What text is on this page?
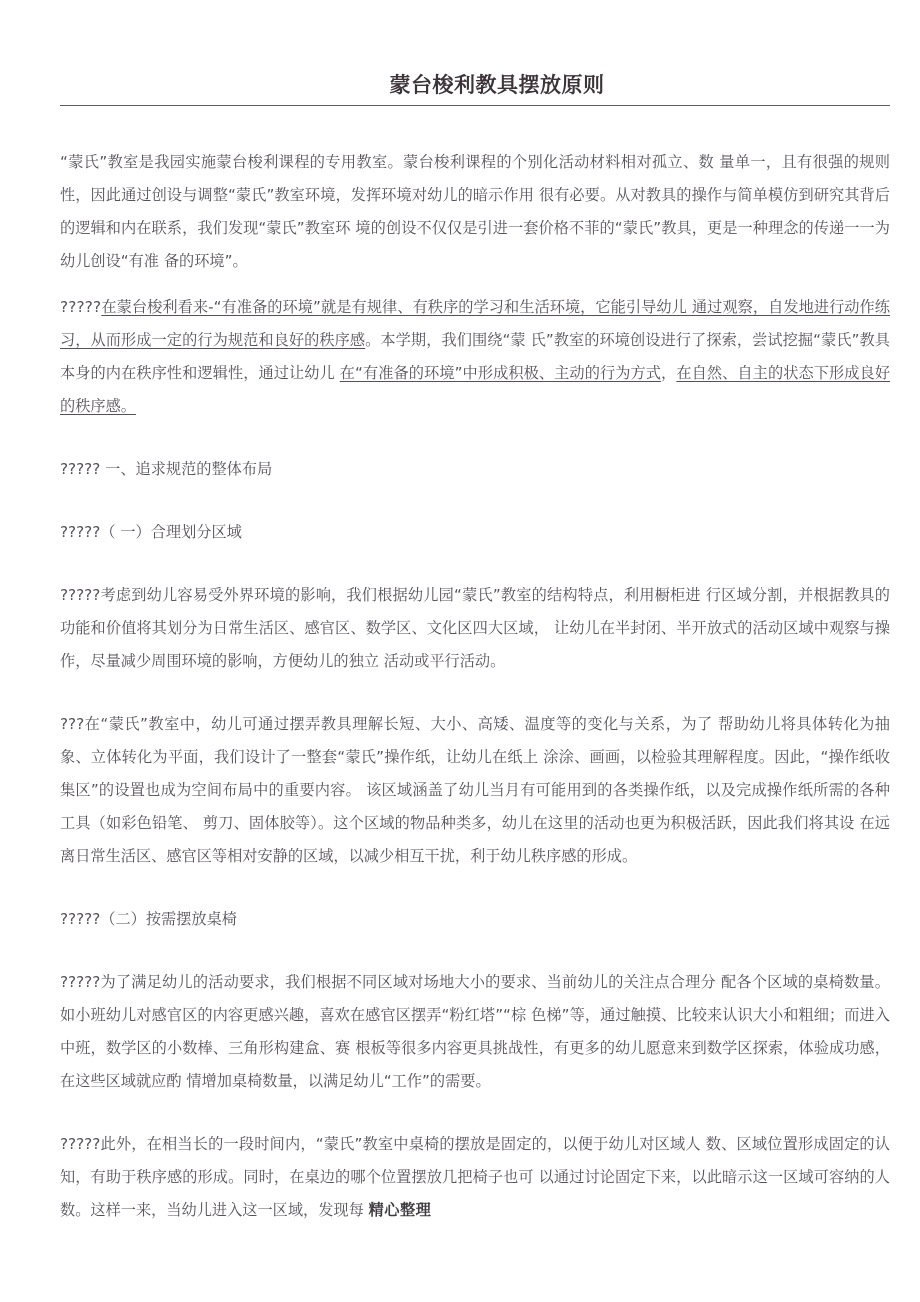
蒙台梭利教具摆放原则

“蒙氏”教室是我园实施蒙台梭利课程的专用教室。蒙台梭利课程的个别化活动材料相对孤立、数 量单一，且有很强的规则性，因此通过创设与调整“蒙氏”教室环境，发挥环境对幼儿的暗示作用 很有必要。从对教具的操作与简单模仿到研究其背后的逻辑和内在联系，我们发现“蒙氏”教室环 境的创设不仅仅是引进一套价格不菲的“蒙氏”教具，更是一种理念的传递一一为幼儿创设“有准 备的环境”。

?????在蒙台梭利看来-“有准备的环境”就是有规律、有秩序的学习和生活环境，它能引导幼儿 通过观察，自发地进行动作练习，从而形成一定的行为规范和良好的秩序感。本学期，我们围绕“蒙 氏”教室的环境创设进行了探索，尝试挖掘“蒙氏”教具本身的内在秩序性和逻辑性，通过让幼儿 在“有准备的环境”中形成积极、主动的行为方式，在自然、自主的状态下形成良好的秩序感。

????? 一、追求规范的整体布局

?????（ 一）合理划分区域

?????考虑到幼儿容易受外界环境的影响，我们根据幼儿园“蒙氏”教室的结构特点，利用橱柜进 行区域分割，并根据教具的功能和价值将其划分为日常生活区、感官区、数学区、文化区四大区域， 让幼儿在半封闭、半开放式的活动区域中观察与操作，尽量减少周围环境的影响，方便幼儿的独立 活动或平行活动。

???在“蒙氏”教室中，幼儿可通过摆弄教具理解长短、大小、高矮、温度等的变化与关系，为了 帮助幼儿将具体转化为抽象、立体转化为平面，我们设计了一整套“蒙氏”操作纸，让幼儿在纸上 涂涂、画画，以检验其理解程度。因此，“操作纸收集区”的设置也成为空间布局中的重要内容。 该区域涵盖了幼儿当月有可能用到的各类操作纸，以及完成操作纸所需的各种工具（如彩色铅笔、 剪刀、固体胶等）。这个区域的物品种类多，幼儿在这里的活动也更为积极活跃，因此我们将其设 在远离日常生活区、感官区等相对安静的区域，以减少相互干扰，利于幼儿秩序感的形成。

?????（二）按需摆放桌椅

?????为了满足幼儿的活动要求，我们根据不同区域对场地大小的要求、当前幼儿的关注点合理分 配各个区域的桌椅数量。如小班幼儿对感官区的内容更感兴趣，喜欢在感官区摆弄“粉红塔”“棕 色梯”等，通过触摸、比较来认识大小和粗细；而进入中班，数学区的小数棒、三角形构建盒、赛 根板等很多内容更具挑战性，有更多的幼儿愿意来到数学区探索，体验成功感，在这些区域就应酌 情增加桌椅数量，以满足幼儿“工作”的需要。

?????此外，在相当长的一段时间内，“蒙氏”教室中桌椅的摆放是固定的，以便于幼儿对区域人 数、区域位置形成固定的认知，有助于秩序感的形成。同时，在桌边的哪个位置摆放几把椅子也可 以通过讨论固定下来，以此暗示这一区域可容纳的人数。这样一来，当幼儿进入这一区域，发现每 精心整理
